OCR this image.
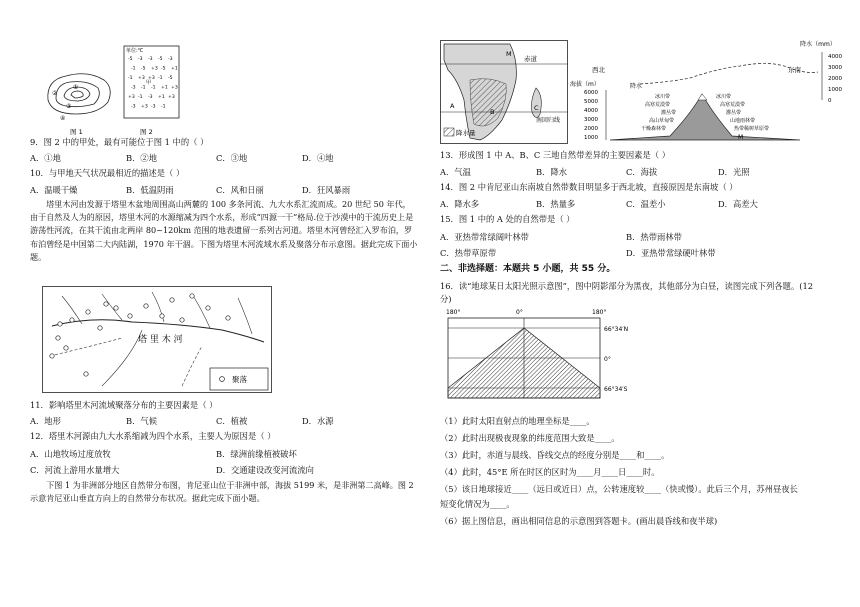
①
②
③
④
图 1
单位:℃
-5 -3 -3 -5 -3
-1 -5 +3 -5 +1
-1 +3 +3 -1 -5
-3 -1 -1 +1 +3
+3 -1 -3 +1 +3
-3 +3 -3 -1
甲
图 2
9．图 2 中的甲处，最有可能位于图 1 中的（ ）
A．①地	B．②地	C．③地	D．④地
10．与甲地天气状况最相近的描述是（ ）
A．温暖干燥	B．低温阴雨	C．风和日丽	D．狂风暴雨
塔里木河由发源于塔里木盆地周围高山两麓的 100 多条河流、九大水系汇流而成。20 世纪 50 年代，由于自然及人为的原因，塔里木河的水源缩减为四个水系，形成“四源一干”格局.位于沙漠中的干流历史上是游荡性河流，在其干流由北两岸 80~120km 范围的地表遗留一系列古河道。塔里木河曾经汇入罗布泊，罗布泊曾经是中国第二大内陆湖，1970 年干涸。下图为塔里木河流域水系及聚落分布示意图。据此完成下面小题。
塔 里 木 河
聚落
11．影响塔里木河流域聚落分布的主要因素是（ ）
A．地形	B．气候	C．植被	D．水源
12．塔里木河源由九大水系缩减为四个水系，主要人为原因是（ ）
A．山地牧场过度放牧	B．绿洲前缘植被破坏
C．河流上游用水量增大	D．交通建设改变河流流向
下图 1 为非洲部分地区自然带分布图，肯尼亚山位于非洲中部，海拔 5199 米，是非洲第二高峰。图 2 示意肯尼亚山垂直方向上的自然带分布状况。据此完成下面小题。
赤道
南回归线
A
B	C
M
降水量
降水（mm）
4000
3000
2000
1000
0
西北	东南
降水
海拔（m）
6000
5000
4000
3000
2000
1000
冰川带
高寒荒漠带
灌丛带
高山草甸带
干燥森林带
冰川带
高寒荒漠带
灌丛带
山地雨林带
热带稀树草原带
M
13．形成图 1 中 A、B、C 三地自然带差异的主要因素是（ ）
A．气温	B．降水	C．海拔	D．光照
14．图 2 中肯尼亚山东南坡自然带数目明显多于西北坡，直接原因是东南坡（ ）
A．降水多	B．热量多	C．温差小	D．高差大
15．图 1 中的 A 处的自然带是（ ）
A．亚热带常绿阔叶林带	B．热带雨林带
C．热带草原带	D．亚热带常绿硬叶林带
二、非选择题：本题共 5 小题，共 55 分。
16．读“地球某日太阳光照示意图”，图中阴影部分为黑夜，其他部分为白昼，读图完成下列各题。(12
分)
180°	0°	180°
66°34′N
0°
66°34′S
（1）此时太阳直射点的地理坐标是____。
（2）此时出现极夜现象的纬度范围大致是____。
（3）此时，赤道与晨线、昏线交点的经度分别是____和____。
（4）此时，45°E 所在时区的区时为____月____日____时。
（5）该日地球接近____（远日或近日）点，公转速度较____（快或慢）。此后三个月，苏州昼夜长
短变化情况为____。
（6）据上图信息，画出相同信息的示意图到答题卡。(画出晨昏线和夜半球)
